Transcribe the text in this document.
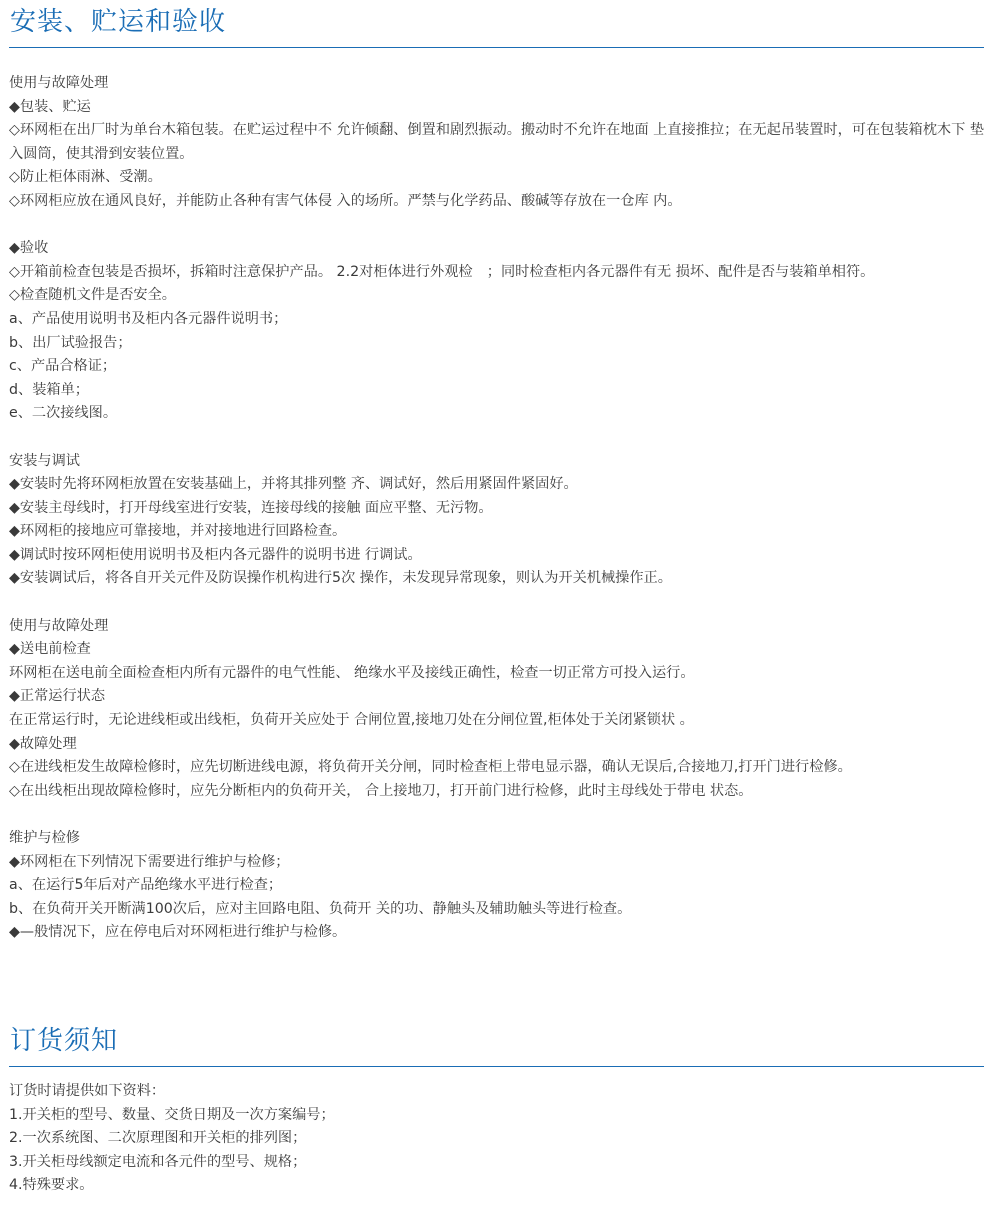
安装、贮运和验收
使用与故障处理
◆包装、贮运
◇环网柜在出厂时为单台木箱包装。在贮运过程中不 允许倾翻、倒置和剧烈振动。搬动时不允许在地面 上直接推拉；在无起吊装置时，可在包装箱枕木下 垫入圆筒，使其滑到安装位置。
◇防止柜体雨淋、受潮。
◇环网柜应放在通风良好，并能防止各种有害气体侵 入的场所。严禁与化学药品、酸碱等存放在一仓库 内。
◆验收
◇开箱前检查包装是否损坏，拆箱时注意保护产品。 2.2对柜体进行外观检　；同时检查柜内各元器件有无 损坏、配件是否与装箱单相符。
◇检查随机文件是否安全。
a、产品使用说明书及柜内各元器件说明书；
b、出厂试验报告；
c、产品合格证；
d、装箱单；
e、二次接线图。
安装与调试
◆安装时先将环网柜放置在安装基础上，并将其排列整 齐、调试好，然后用紧固件紧固好。
◆安装主母线时，打开母线室进行安装，连接母线的接触 面应平整、无污物。
◆环网柜的接地应可靠接地，并对接地进行回路检查。
◆调试时按环网柜使用说明书及柜内各元器件的说明书进 行调试。
◆安装调试后，将各自开关元件及防误操作机构进行5次 操作，未发现异常现象，则认为开关机械操作正。
使用与故障处理
◆送电前检查
环网柜在送电前全面检查柜内所有元器件的电气性能、 绝缘水平及接线正确性，检查一切正常方可投入运行。
◆正常运行状态
在正常运行时，无论进线柜或出线柜，负荷开关应处于 合闸位置,接地刀处在分闸位置,柜体处于关闭紧锁状 。
◆故障处理
◇在进线柜发生故障检修时，应先切断进线电源，将负荷开关分闸，同时检查柜上带电显示器，确认无误后,合接地刀,打开门进行检修。
◇在出线柜出现故障检修时，应先分断柜内的负荷开关， 合上接地刀，打开前门进行检修，此时主母线处于带电 状态。
维护与检修
◆环网柜在下列情况下需要进行维护与检修；
a、在运行5年后对产品绝缘水平进行检查；
b、在负荷开关开断满100次后，应对主回路电阻、负荷开 关的功、静触头及辅助触头等进行检查。
◆—般情况下，应在停电后对环网柜进行维护与检修。
订货须知
订货时请提供如下资料：
1.开关柜的型号、数量、交货日期及一次方案编号；
2.一次系统图、二次原理图和开关柜的排列图；
3.开关柜母线额定电流和各元件的型号、规格；
4.特殊要求。
